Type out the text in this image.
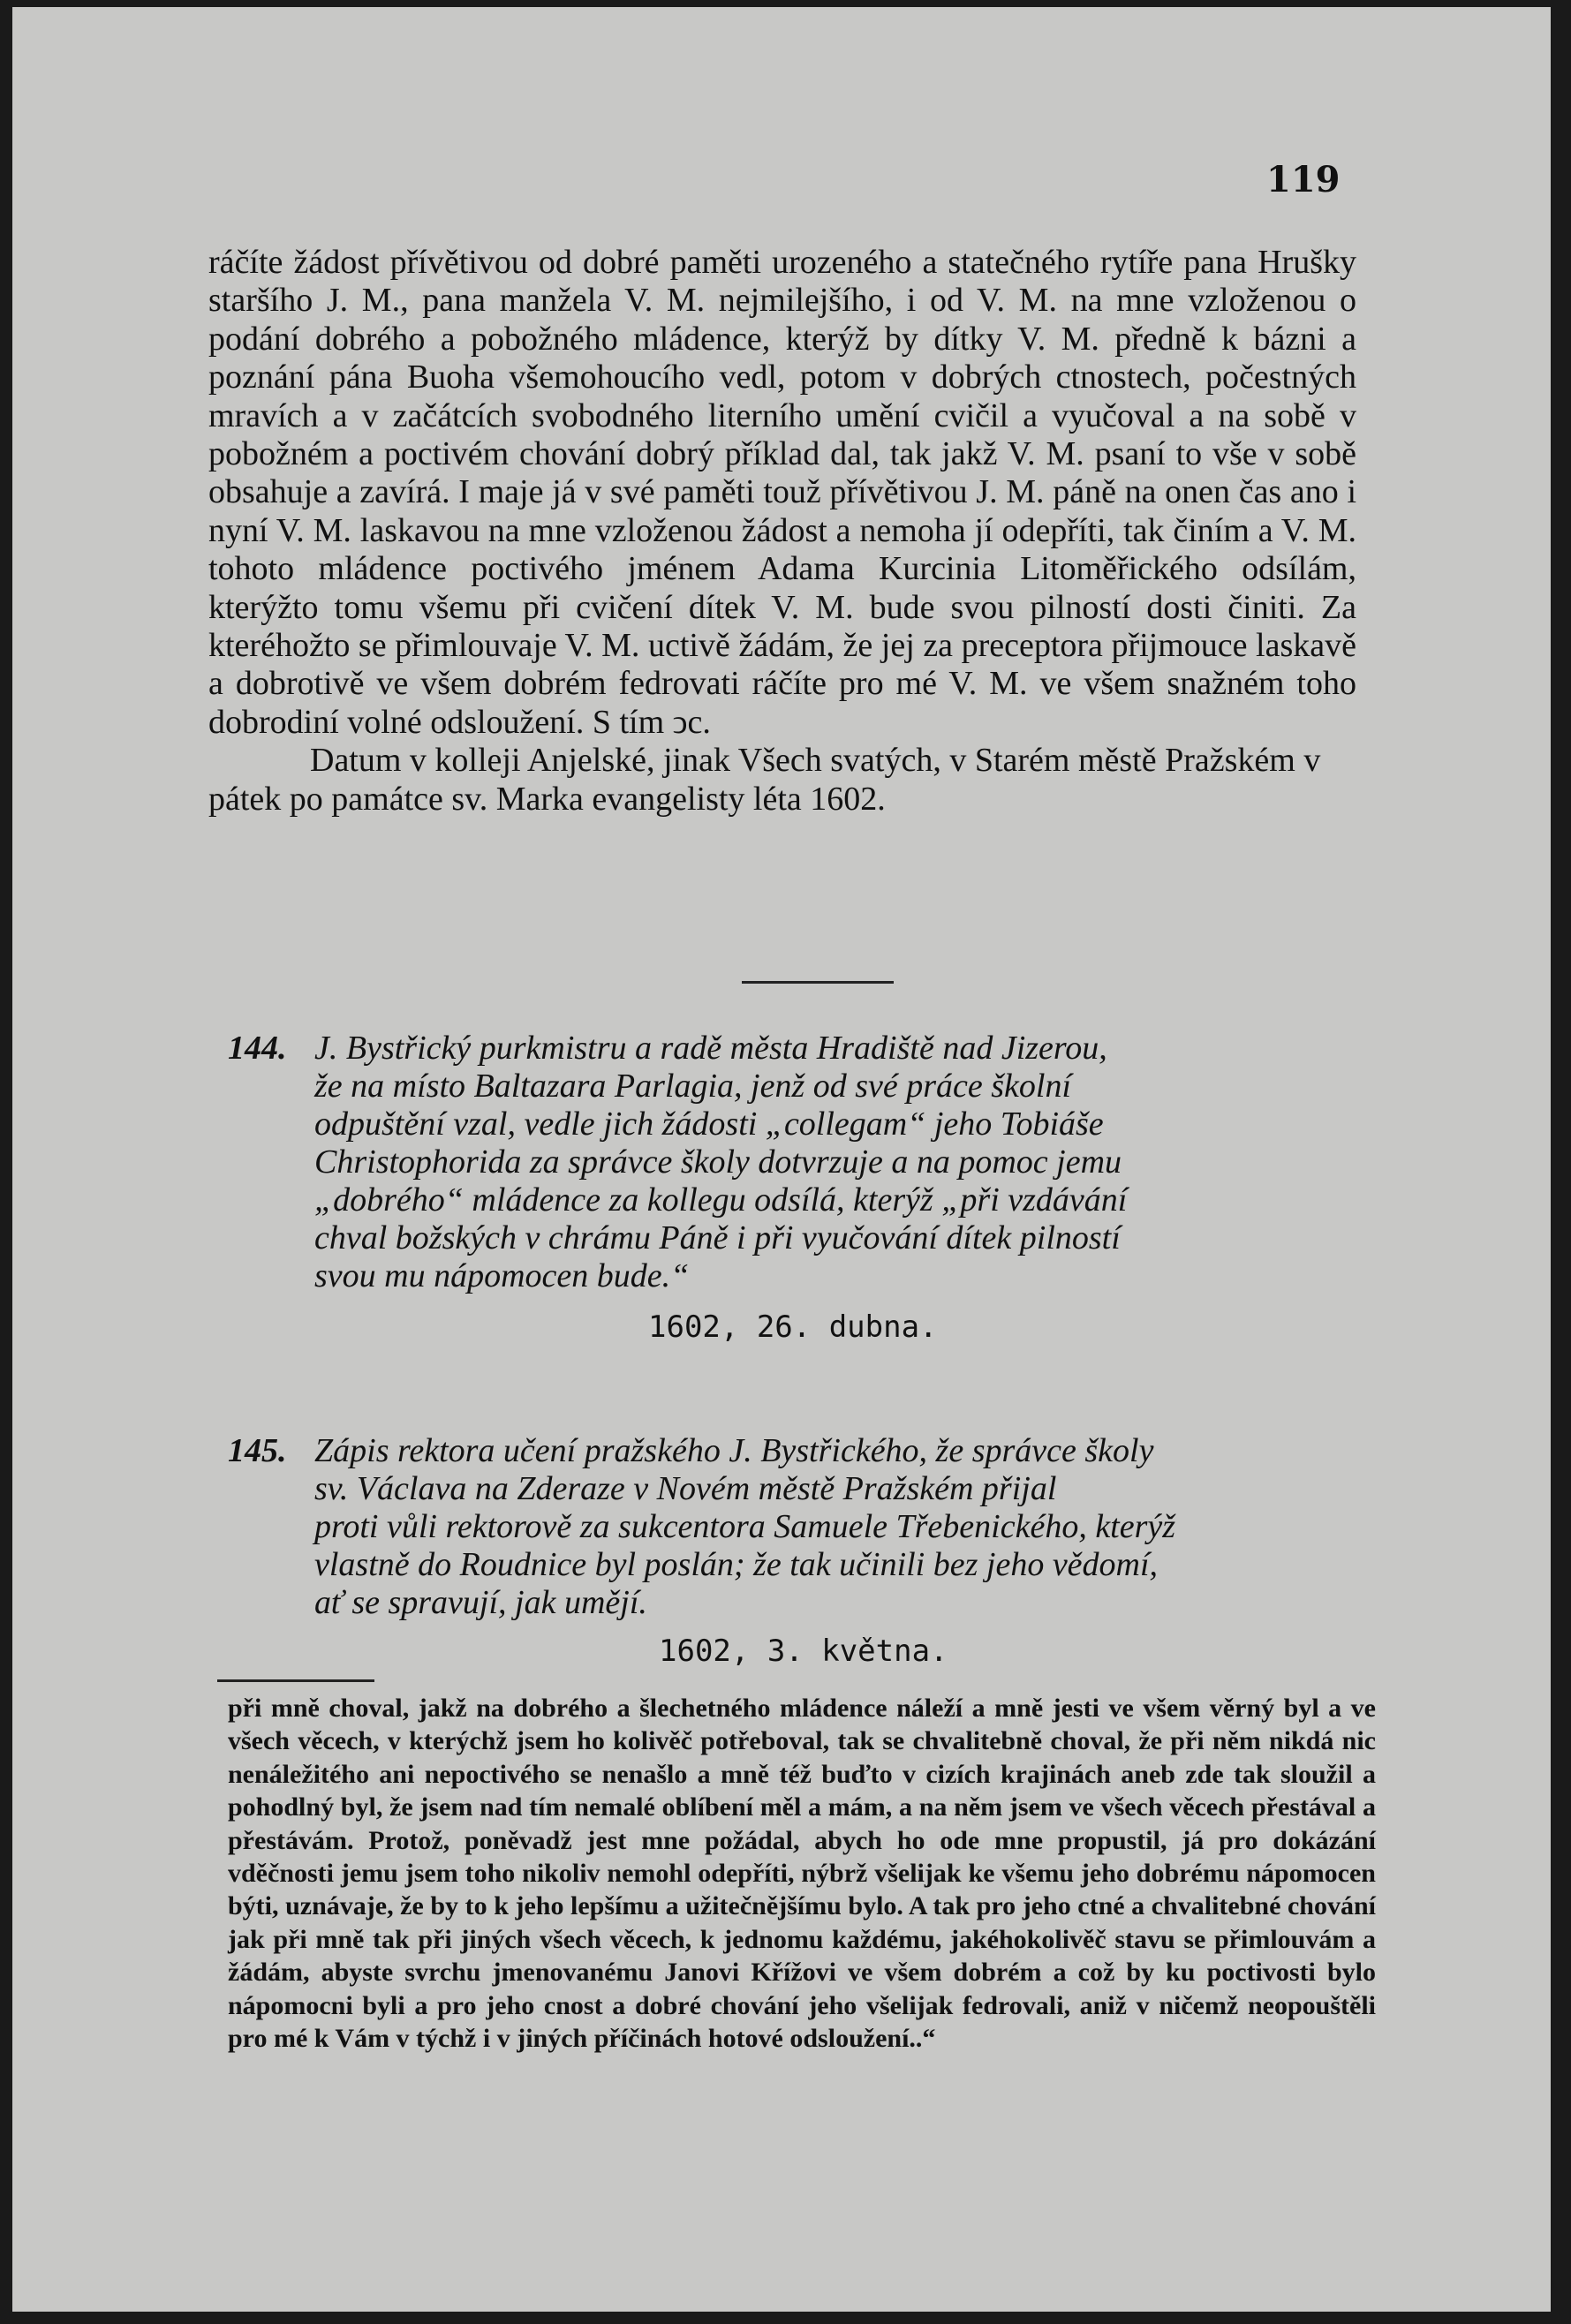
119

ráčíte žádost přívětivou od dobré paměti urozeného a statečného rytíře pana Hrušky staršího J. M., pana manžela V. M. nejmilejšího, i od V. M. na mne vzloženou o podání dobrého a pobožného mládence, kterýž by dítky V. M. předně k bázni a poznání pána Buoha všemohoucího vedl, potom v dobrých ctnostech, počestných mravích a v začátcích svobodného literního umění cvičil a vyučoval a na sobě v pobožném a poctivém chování dobrý příklad dal, tak jakž V. M. psaní to vše v sobě obsahuje a zavírá. I maje já v své paměti touž přívětivou J. M. páně na onen čas ano i nyní V. M. laskavou na mne vzloženou žádost a nemoha jí odepříti, tak činím a V. M. tohoto mládence poctivého jménem Adama Kurcinia Litoměřického odsílám, kterýžto tomu všemu při cvičení dítek V. M. bude svou pilností dosti činiti. Za kteréhožto se přimlouvaje V. M. uctivě žádám, že jej za preceptora přijmouce laskavě a dobrotivě ve všem dobrém fedrovati ráčíte pro mé V. M. ve všem snažném toho dobrodiní volné odsloužení. S tím ͻc.

Datum v kolleji Anjelské, jinak Všech svatých, v Starém městě Pražském v pátek po památce sv. Marka evangelisty léta 1602.

144. J. Bystřický purkmistru a radě města Hradiště nad Jizerou,
že na místo Baltazara Parlagia, jenž od své práce školní
odpuštění vzal, vedle jich žádosti „collegam“ jeho Tobiáše
Christophorida za správce školy dotvrzuje a na pomoc jemu
„dobrého“ mládence za kollegu odsílá, kterýž „při vzdávání
chval božských v chrámu Páně i při vyučování dítek pilností
svou mu nápomocen bude.“
1602, 26. dubna.
145. Zápis rektora učení pražského J. Bystřického, že správce školy
sv. Václava na Zderaze v Novém městě Pražském přijal
proti vůli rektorově za sukcentora Samuele Třebenického, kterýž
vlastně do Roudnice byl poslán; že tak učinili bez jeho vědomí,
ať se spravují, jak umějí.
1602, 3. května.

při mně choval, jakž na dobrého a šlechetného mládence náleží a mně jesti ve všem věrný byl a ve všech věcech, v kterýchž jsem ho kolivěč potřeboval, tak se chvalitebně choval, že při něm nikdá nic nenáležitého ani nepoctivého se nenašlo a mně též buďto v cizích krajinách aneb zde tak sloužil a pohodlný byl, že jsem nad tím nemalé oblíbení měl a mám, a na něm jsem ve všech věcech přestával a přestávám. Protož, poněvadž jest mne požádal, abych ho ode mne propustil, já pro dokázání vděčnosti jemu jsem toho nikoliv nemohl odepříti, nýbrž všelijak ke všemu jeho dobrému nápomocen býti, uznávaje, že by to k jeho lepšímu a užitečnějšímu bylo. A tak pro jeho ctné a chvalitebné chování jak při mně tak při jiných všech věcech, k jednomu každému, jakéhokolivěč stavu se přimlouvám a žádám, abyste svrchu jmenovanému Janovi Křížovi ve všem dobrém a což by ku poctivosti bylo nápomocni byli a pro jeho cnost a dobré chování jeho všelijak fedrovali, aniž v ničemž neopouštěli pro mé k Vám v týchž i v jiných příčinách hotové odsloužení..“
